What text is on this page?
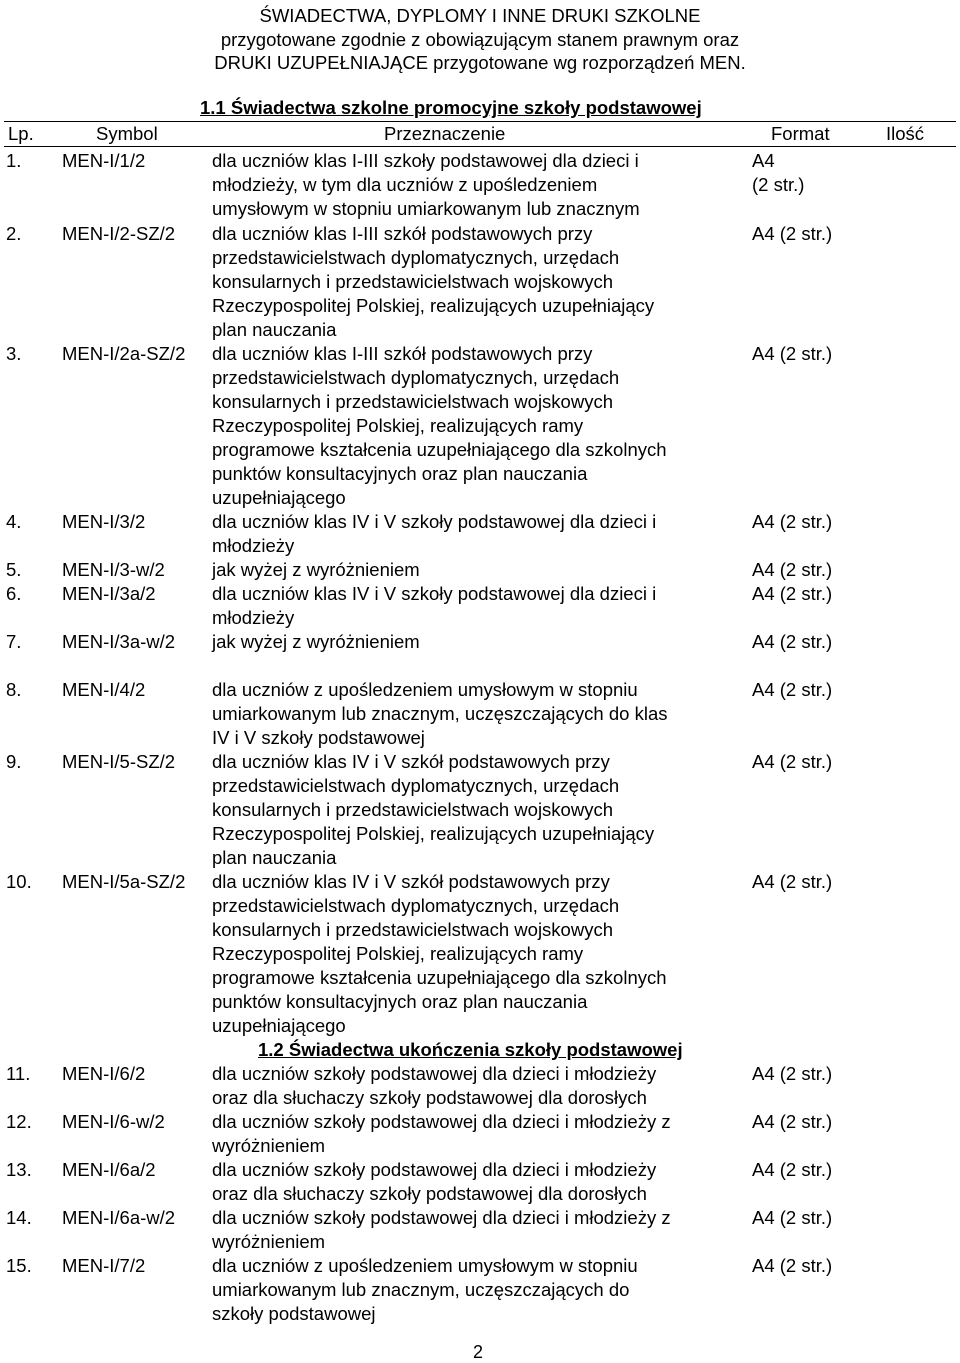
ŚWIADECTWA, DYPLOMY I INNE DRUKI SZKOLNE
przygotowane zgodnie z obowiązującym stanem prawnym oraz
DRUKI UZUPEŁNIAJĄCE przygotowane wg rozporządzeń MEN.
1.1 Świadectwa szkolne promocyjne szkoły podstawowej
Lp.	Symbol	Przeznaczenie	Format	Ilość
1. MEN-I/1/2	dla uczniów klas I-III szkoły podstawowej dla dzieci i
młodzieży, w tym dla uczniów z upośledzeniem
umysłowym w stopniu umiarkowanym lub znacznym
A4
(2 str.)
2. MEN-I/2-SZ/2 dla uczniów klas I-III szkół podstawowych przy
przedstawicielstwach dyplomatycznych, urzędach
konsularnych i przedstawicielstwach wojskowych
Rzeczypospolitej Polskiej, realizujących uzupełniający
plan nauczania
A4 (2 str.)
3. MEN-I/2a-SZ/2 dla uczniów klas I-III szkół podstawowych przy
przedstawicielstwach dyplomatycznych, urzędach
konsularnych i przedstawicielstwach wojskowych
Rzeczypospolitej Polskiej, realizujących ramy
programowe kształcenia uzupełniającego dla szkolnych
punktów konsultacyjnych oraz plan nauczania
uzupełniającego
A4 (2 str.)
4. MEN-I/3/2	dla uczniów klas IV i V szkoły podstawowej dla dzieci i
młodzieży
A4 (2 str.)
5. MEN-I/3-w/2	jak wyżej z wyróżnieniem	A4 (2 str.)
6. MEN-I/3a/2	dla uczniów klas IV i V szkoły podstawowej dla dzieci i
młodzieży
A4 (2 str.)
7. MEN-I/3a-w/2 jak wyżej z wyróżnieniem	A4 (2 str.)
8. MEN-I/4/2	dla uczniów z upośledzeniem umysłowym w stopniu
umiarkowanym lub znacznym, uczęszczających do klas
IV i V szkoły podstawowej
A4 (2 str.)
9. MEN-I/5-SZ/2 dla uczniów klas IV i V szkół podstawowych przy
przedstawicielstwach dyplomatycznych, urzędach
konsularnych i przedstawicielstwach wojskowych
Rzeczypospolitej Polskiej, realizujących uzupełniający
plan nauczania
A4 (2 str.)
10. MEN-I/5a-SZ/2 dla uczniów klas IV i V szkół podstawowych przy
przedstawicielstwach dyplomatycznych, urzędach
konsularnych i przedstawicielstwach wojskowych
Rzeczypospolitej Polskiej, realizujących ramy
programowe kształcenia uzupełniającego dla szkolnych
punktów konsultacyjnych oraz plan nauczania
uzupełniającego
A4 (2 str.)
11. MEN-I/6/2	dla uczniów szkoły podstawowej dla dzieci i młodzieży
oraz dla słuchaczy szkoły podstawowej dla dorosłych
A4 (2 str.)
12. MEN-I/6-w/2	dla uczniów szkoły podstawowej dla dzieci i młodzieży z
wyróżnieniem
A4 (2 str.)
13. MEN-I/6a/2	dla uczniów szkoły podstawowej dla dzieci i młodzieży
oraz dla słuchaczy szkoły podstawowej dla dorosłych
A4 (2 str.)
14. MEN-I/6a-w/2 dla uczniów szkoły podstawowej dla dzieci i młodzieży z
wyróżnieniem
A4 (2 str.)
15. MEN-I/7/2	dla uczniów z upośledzeniem umysłowym w stopniu
umiarkowanym lub znacznym, uczęszczających do
szkoły podstawowej
A4 (2 str.)
1.2 Świadectwa ukończenia szkoły podstawowej
2
